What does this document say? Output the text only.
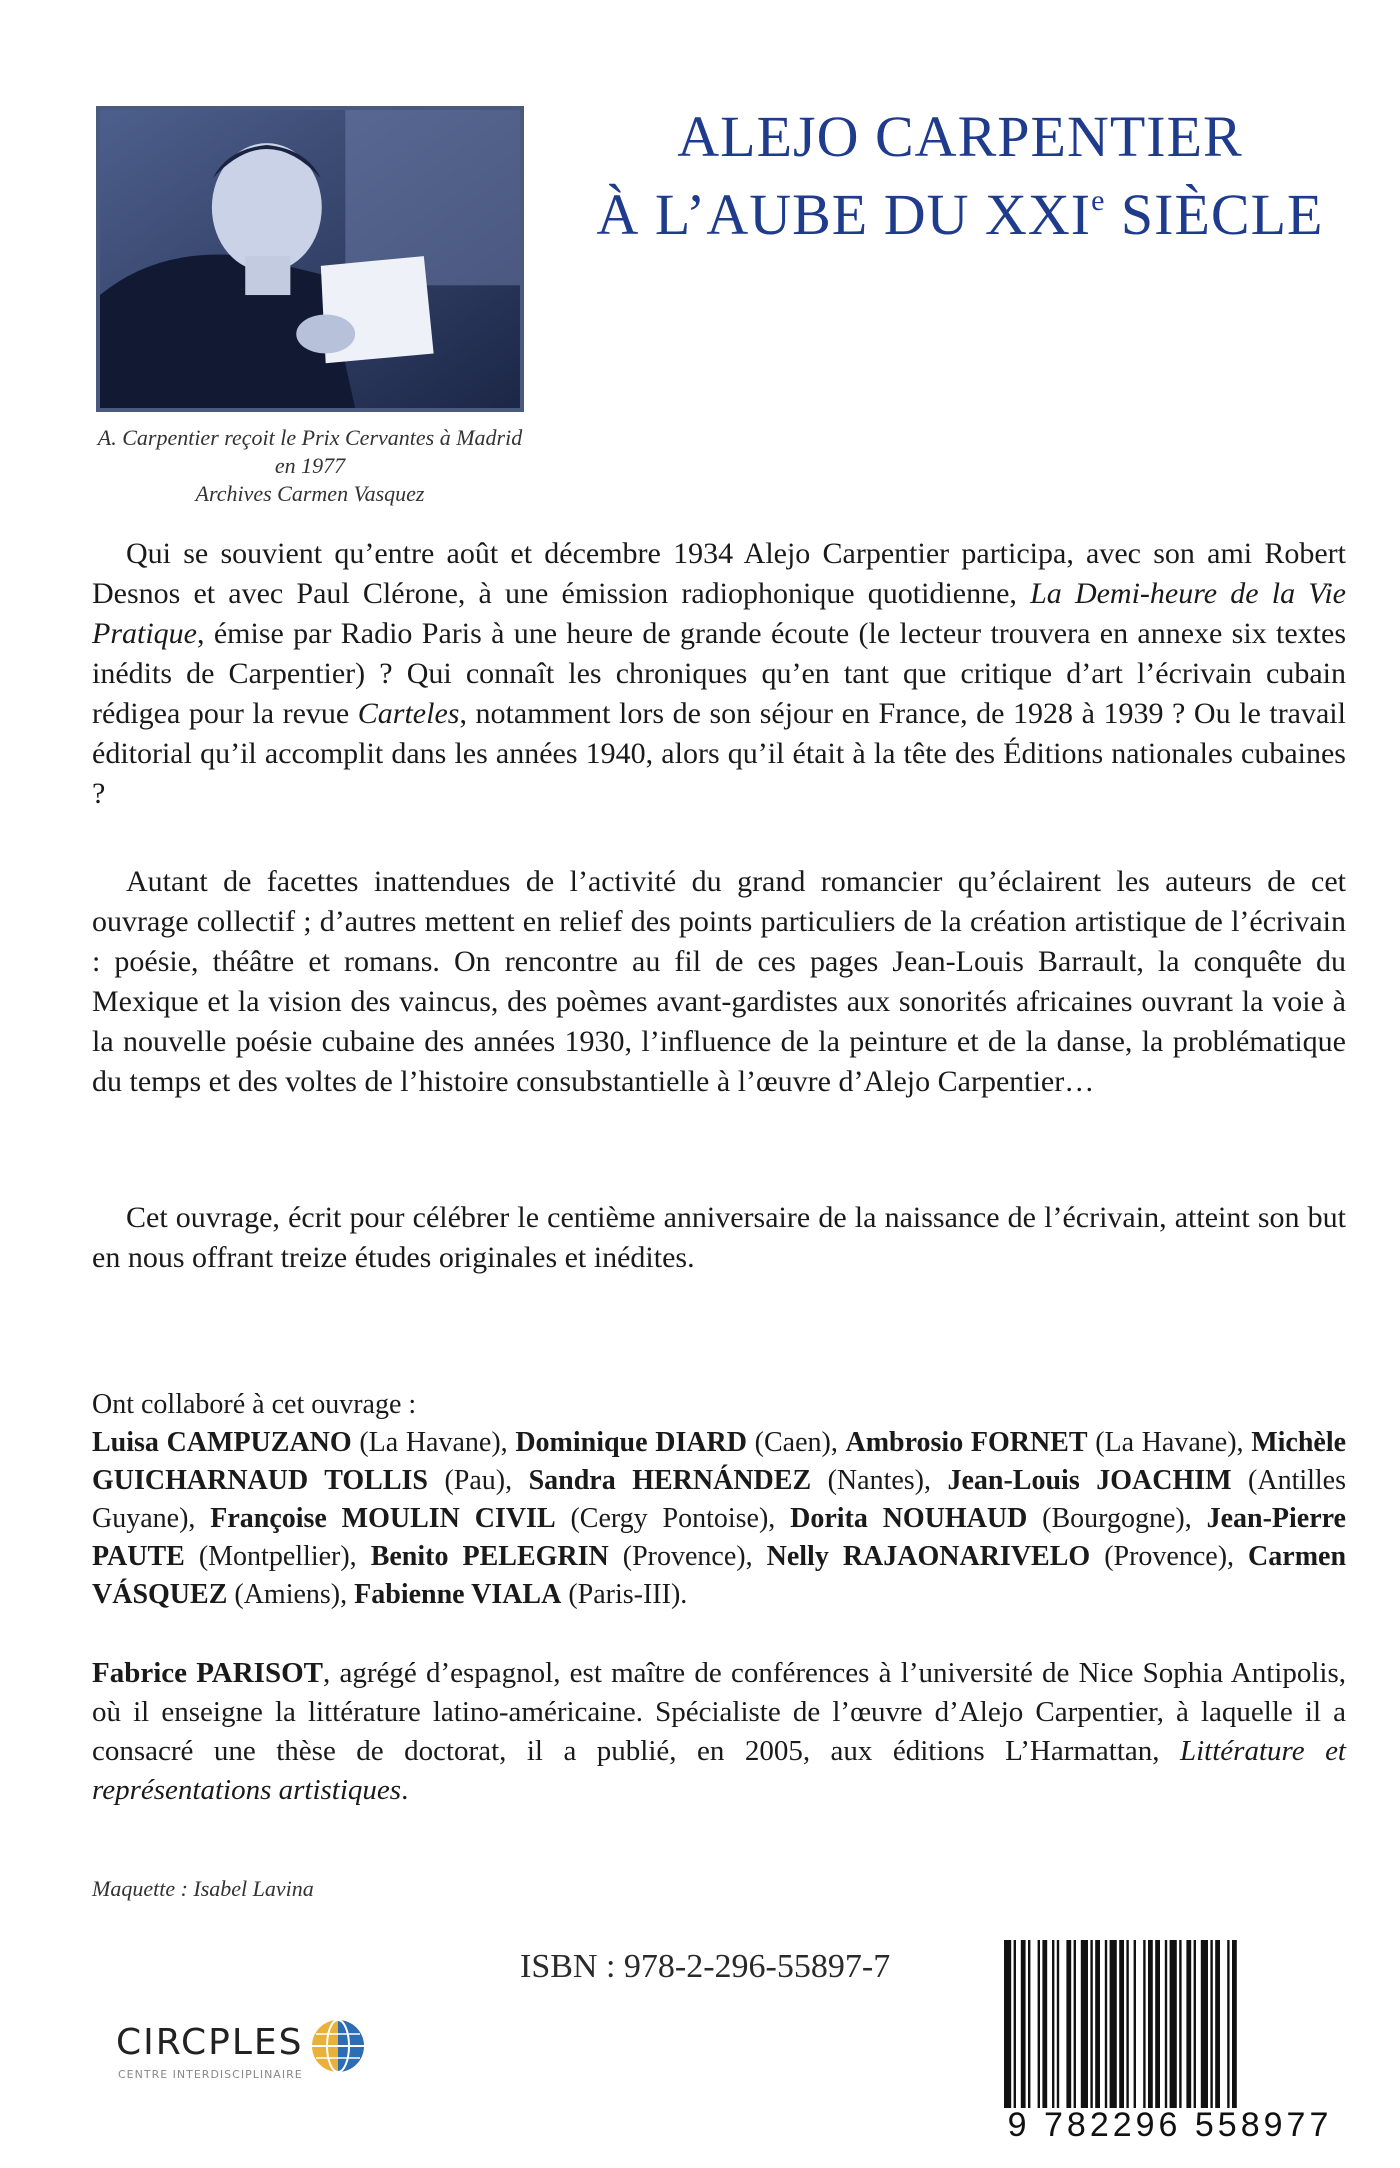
A. Carpentier reçoit le Prix Cervantes à Madrid
en 1977
Archives Carmen Vasquez
ALEJO CARPENTIER
À L’AUBE DU XXIe SIÈCLE
Qui se souvient qu’entre août et décembre 1934 Alejo Carpentier participa, avec son ami Robert Desnos et avec Paul Clérone, à une émission radiophonique quotidienne, La Demi-heure de la Vie Pratique, émise par Radio Paris à une heure de grande écoute (le lecteur trouvera en annexe six textes inédits de Carpentier) ? Qui connaît les chroniques qu’en tant que critique d’art l’écrivain cubain rédigea pour la revue Carteles, notamment lors de son séjour en France, de 1928 à 1939 ? Ou le travail éditorial qu’il accomplit dans les années 1940, alors qu’il était à la tête des Éditions nationales cubaines ?
Autant de facettes inattendues de l’activité du grand romancier qu’éclairent les auteurs de cet ouvrage collectif ; d’autres mettent en relief des points particuliers de la création artistique de l’écrivain : poésie, théâtre et romans. On rencontre au fil de ces pages Jean-Louis Barrault, la conquête du Mexique et la vision des vaincus, des poèmes avant-gardistes aux sonorités africaines ouvrant la voie à la nouvelle poésie cubaine des années 1930, l’influence de la peinture et de la danse, la problématique du temps et des voltes de l’histoire consubstantielle à l’œuvre d’Alejo Carpentier…
Cet ouvrage, écrit pour célébrer le centième anniversaire de la naissance de l’écrivain, atteint son but en nous offrant treize études originales et inédites.
Ont collaboré à cet ouvrage :
Luisa CAMPUZANO (La Havane), Dominique DIARD (Caen), Ambrosio FORNET (La Havane), Michèle GUICHARNAUD TOLLIS (Pau), Sandra HERNÁNDEZ (Nantes), Jean-Louis JOACHIM (Antilles Guyane), Françoise MOULIN CIVIL (Cergy Pontoise), Dorita NOUHAUD (Bourgogne), Jean-Pierre PAUTE (Montpellier), Benito PELEGRIN (Provence), Nelly RAJAONARIVELO (Provence), Carmen VÁSQUEZ (Amiens), Fabienne VIALA (Paris-III).
Fabrice PARISOT, agrégé d’espagnol, est maître de conférences à l’université de Nice Sophia Antipolis, où il enseigne la littérature latino-américaine. Spécialiste de l’œuvre d’Alejo Carpentier, à laquelle il a consacré une thèse de doctorat, il a publié, en 2005, aux éditions L’Harmattan, Littérature et représentations artistiques.
Maquette : Isabel Lavina
ISBN : 978-2-296-55897-7
CIRCPLES
CENTRE INTERDISCIPLINAIRE
9 782296 558977
